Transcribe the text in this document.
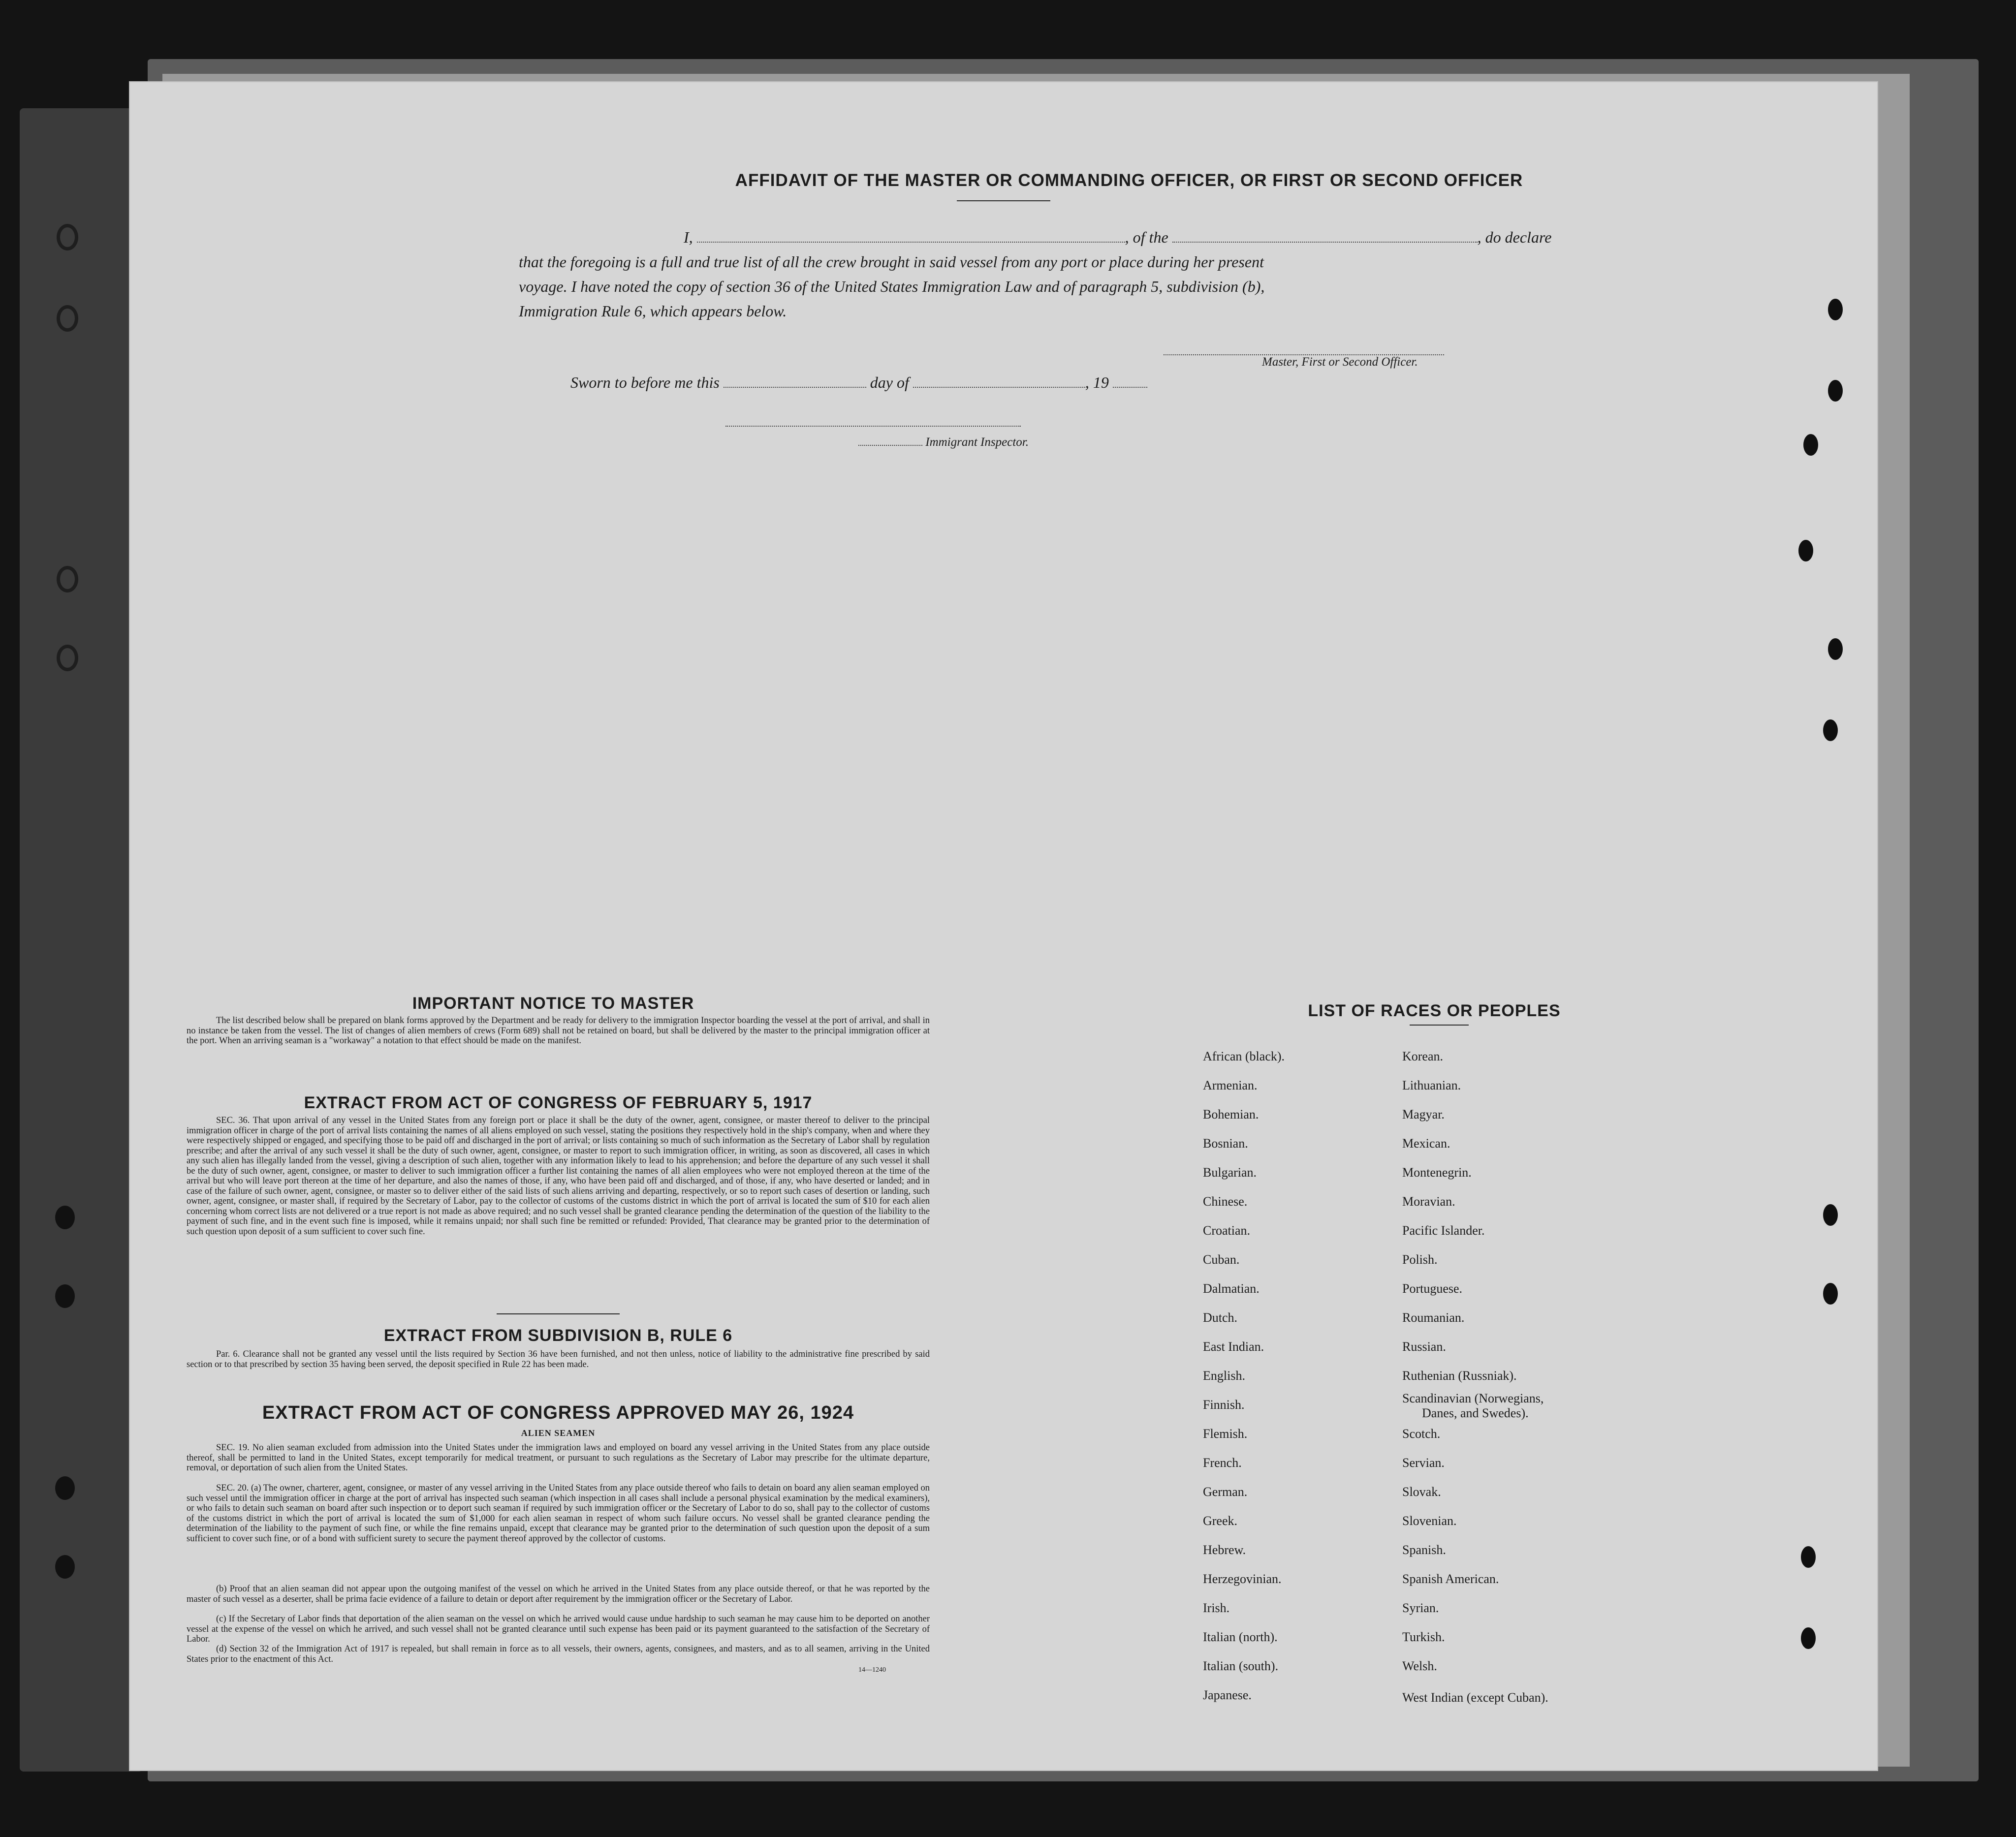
AFFIDAVIT OF THE MASTER OR COMMANDING OFFICER, OR FIRST OR SECOND OFFICER
I,	, of the	, do declare
that the foregoing is a full and true list of all the crew brought in said vessel from any port or place during her present
voyage. I have noted the copy of section 36 of the United States Immigration Law and of paragraph 5, subdivision (b),
Immigration Rule 6, which appears below.
Master, First or Second Officer.
Sworn to before me this	day of	, 19
Immigrant Inspector.
IMPORTANT NOTICE TO MASTER
The list described below shall be prepared on blank forms approved by the Department and be ready for delivery to the immigration Inspector boarding the vessel at the port of arrival, and shall in no instance be taken from the vessel. The list of changes of alien members of crews (Form 689) shall not be retained on board, but shall be delivered by the master to the principal immigration officer at the port. When an arriving seaman is a "workaway" a notation to that effect should be made on the manifest.
EXTRACT FROM ACT OF CONGRESS OF FEBRUARY 5, 1917
SEC. 36. That upon arrival of any vessel in the United States from any foreign port or place it shall be the duty of the owner, agent, consignee, or master thereof to deliver to the principal immigration officer in charge of the port of arrival lists containing the names of all aliens employed on such vessel, stating the positions they respectively hold in the ship's company, when and where they were respectively shipped or engaged, and specifying those to be paid off and discharged in the port of arrival; or lists containing so much of such information as the Secretary of Labor shall by regulation prescribe; and after the arrival of any such vessel it shall be the duty of such owner, agent, consignee, or master to report to such immigration officer, in writing, as soon as discovered, all cases in which any such alien has illegally landed from the vessel, giving a description of such alien, together with any information likely to lead to his apprehension; and before the departure of any such vessel it shall be the duty of such owner, agent, consignee, or master to deliver to such immigration officer a further list containing the names of all alien employees who were not employed thereon at the time of the arrival but who will leave port thereon at the time of her departure, and also the names of those, if any, who have been paid off and discharged, and of those, if any, who have deserted or landed; and in case of the failure of such owner, agent, consignee, or master so to deliver either of the said lists of such aliens arriving and departing, respectively, or so to report such cases of desertion or landing, such owner, agent, consignee, or master shall, if required by the Secretary of Labor, pay to the collector of customs of the customs district in which the port of arrival is located the sum of $10 for each alien concerning whom correct lists are not delivered or a true report is not made as above required; and no such vessel shall be granted clearance pending the determination of the question of the liability to the payment of such fine, and in the event such fine is imposed, while it remains unpaid; nor shall such fine be remitted or refunded: Provided, That clearance may be granted prior to the determination of such question upon deposit of a sum sufficient to cover such fine.
EXTRACT FROM SUBDIVISION B, RULE 6
Par. 6. Clearance shall not be granted any vessel until the lists required by Section 36 have been furnished, and not then unless, notice of liability to the administrative fine prescribed by said section or to that prescribed by section 35 having been served, the deposit specified in Rule 22 has been made.
EXTRACT FROM ACT OF CONGRESS APPROVED MAY 26, 1924
ALIEN SEAMEN
SEC. 19. No alien seaman excluded from admission into the United States under the immigration laws and employed on board any vessel arriving in the United States from any place outside thereof, shall be permitted to land in the United States, except temporarily for medical treatment, or pursuant to such regulations as the Secretary of Labor may prescribe for the ultimate departure, removal, or deportation of such alien from the United States.
SEC. 20. (a) The owner, charterer, agent, consignee, or master of any vessel arriving in the United States from any place outside thereof who fails to detain on board any alien seaman employed on such vessel until the immigration officer in charge at the port of arrival has inspected such seaman (which inspection in all cases shall include a personal physical examination by the medical examiners), or who fails to detain such seaman on board after such inspection or to deport such seaman if required by such immigration officer or the Secretary of Labor to do so, shall pay to the collector of customs of the customs district in which the port of arrival is located the sum of $1,000 for each alien seaman in respect of whom such failure occurs. No vessel shall be granted clearance pending the determination of the liability to the payment of such fine, or while the fine remains unpaid, except that clearance may be granted prior to the determination of such question upon the deposit of a sum sufficient to cover such fine, or of a bond with sufficient surety to secure the payment thereof approved by the collector of customs.
(b) Proof that an alien seaman did not appear upon the outgoing manifest of the vessel on which he arrived in the United States from any place outside thereof, or that he was reported by the master of such vessel as a deserter, shall be prima facie evidence of a failure to detain or deport after requirement by the immigration officer or the Secretary of Labor.
(c) If the Secretary of Labor finds that deportation of the alien seaman on the vessel on which he arrived would cause undue hardship to such seaman he may cause him to be deported on another vessel at the expense of the vessel on which he arrived, and such vessel shall not be granted clearance until such expense has been paid or its payment guaranteed to the satisfaction of the Secretary of Labor.
(d) Section 32 of the Immigration Act of 1917 is repealed, but shall remain in force as to all vessels, their owners, agents, consignees, and masters, and as to all seamen, arriving in the United States prior to the enactment of this Act.
14—1240
LIST OF RACES OR PEOPLES
African (black).
Armenian.
Bohemian.
Bosnian.
Bulgarian.
Chinese.
Croatian.
Cuban.
Dalmatian.
Dutch.
East Indian.
English.
Finnish.
Flemish.
French.
German.
Greek.
Hebrew.
Herzegovinian.
Irish.
Italian (north).
Italian (south).
Japanese.
Korean.
Lithuanian.
Magyar.
Mexican.
Montenegrin.
Moravian.
Pacific Islander.
Polish.
Portuguese.
Roumanian.
Russian.
Ruthenian (Russniak).
Scandinavian (Norwegians,
Danes, and Swedes).
Scotch.
Servian.
Slovak.
Slovenian.
Spanish.
Spanish American.
Syrian.
Turkish.
Welsh.
West Indian (except Cuban).
